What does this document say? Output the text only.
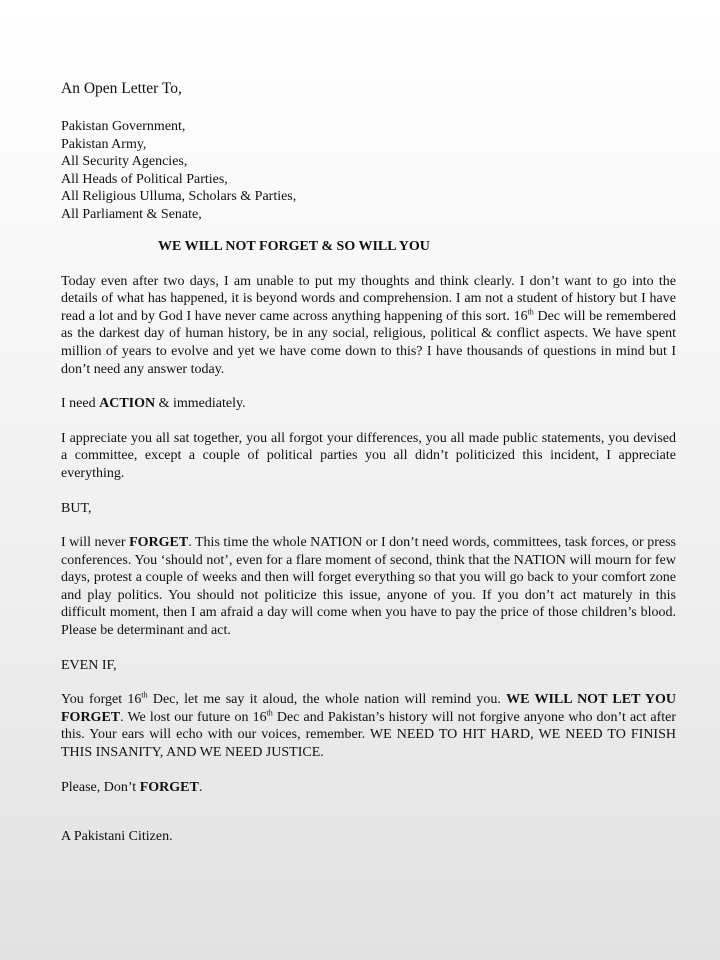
An Open Letter To,
Pakistan Government,
Pakistan Army,
All Security Agencies,
All Heads of Political Parties,
All Religious Ulluma, Scholars & Parties,
All Parliament & Senate,
WE WILL NOT FORGET & SO WILL YOU

Today even after two days, I am unable to put my thoughts and think clearly. I don’t want to go into the details of what has happened, it is beyond words and comprehension. I am not a student of history but I have read a lot and by God I have never came across anything happening of this sort. 16th Dec will be remembered as the darkest day of human history, be in any social, religious, political & conflict aspects. We have spent million of years to evolve and yet we have come down to this? I have thousands of questions in mind but I don’t need any answer today.

I need ACTION & immediately.

I appreciate you all sat together, you all forgot your differences, you all made public statements, you devised a committee, except a couple of political parties you all didn’t politicized this incident, I appreciate everything.

BUT,

I will never FORGET. This time the whole NATION or I don’t need words, committees, task forces, or press conferences. You ‘should not’, even for a flare moment of second, think that the NATION will mourn for few days, protest a couple of weeks and then will forget everything so that you will go back to your comfort zone and play politics. You should not politicize this issue, anyone of you. If you don’t act maturely in this difficult moment, then I am afraid a day will come when you have to pay the price of those children’s blood. Please be determinant and act.

EVEN IF,

You forget 16th Dec, let me say it aloud, the whole nation will remind you. WE WILL NOT LET YOU FORGET. We lost our future on 16th Dec and Pakistan’s history will not forgive anyone who don’t act after this. Your ears will echo with our voices, remember. WE NEED TO HIT HARD, WE NEED TO FINISH THIS INSANITY, AND WE NEED JUSTICE.

Please, Don’t FORGET.

A Pakistani Citizen.
